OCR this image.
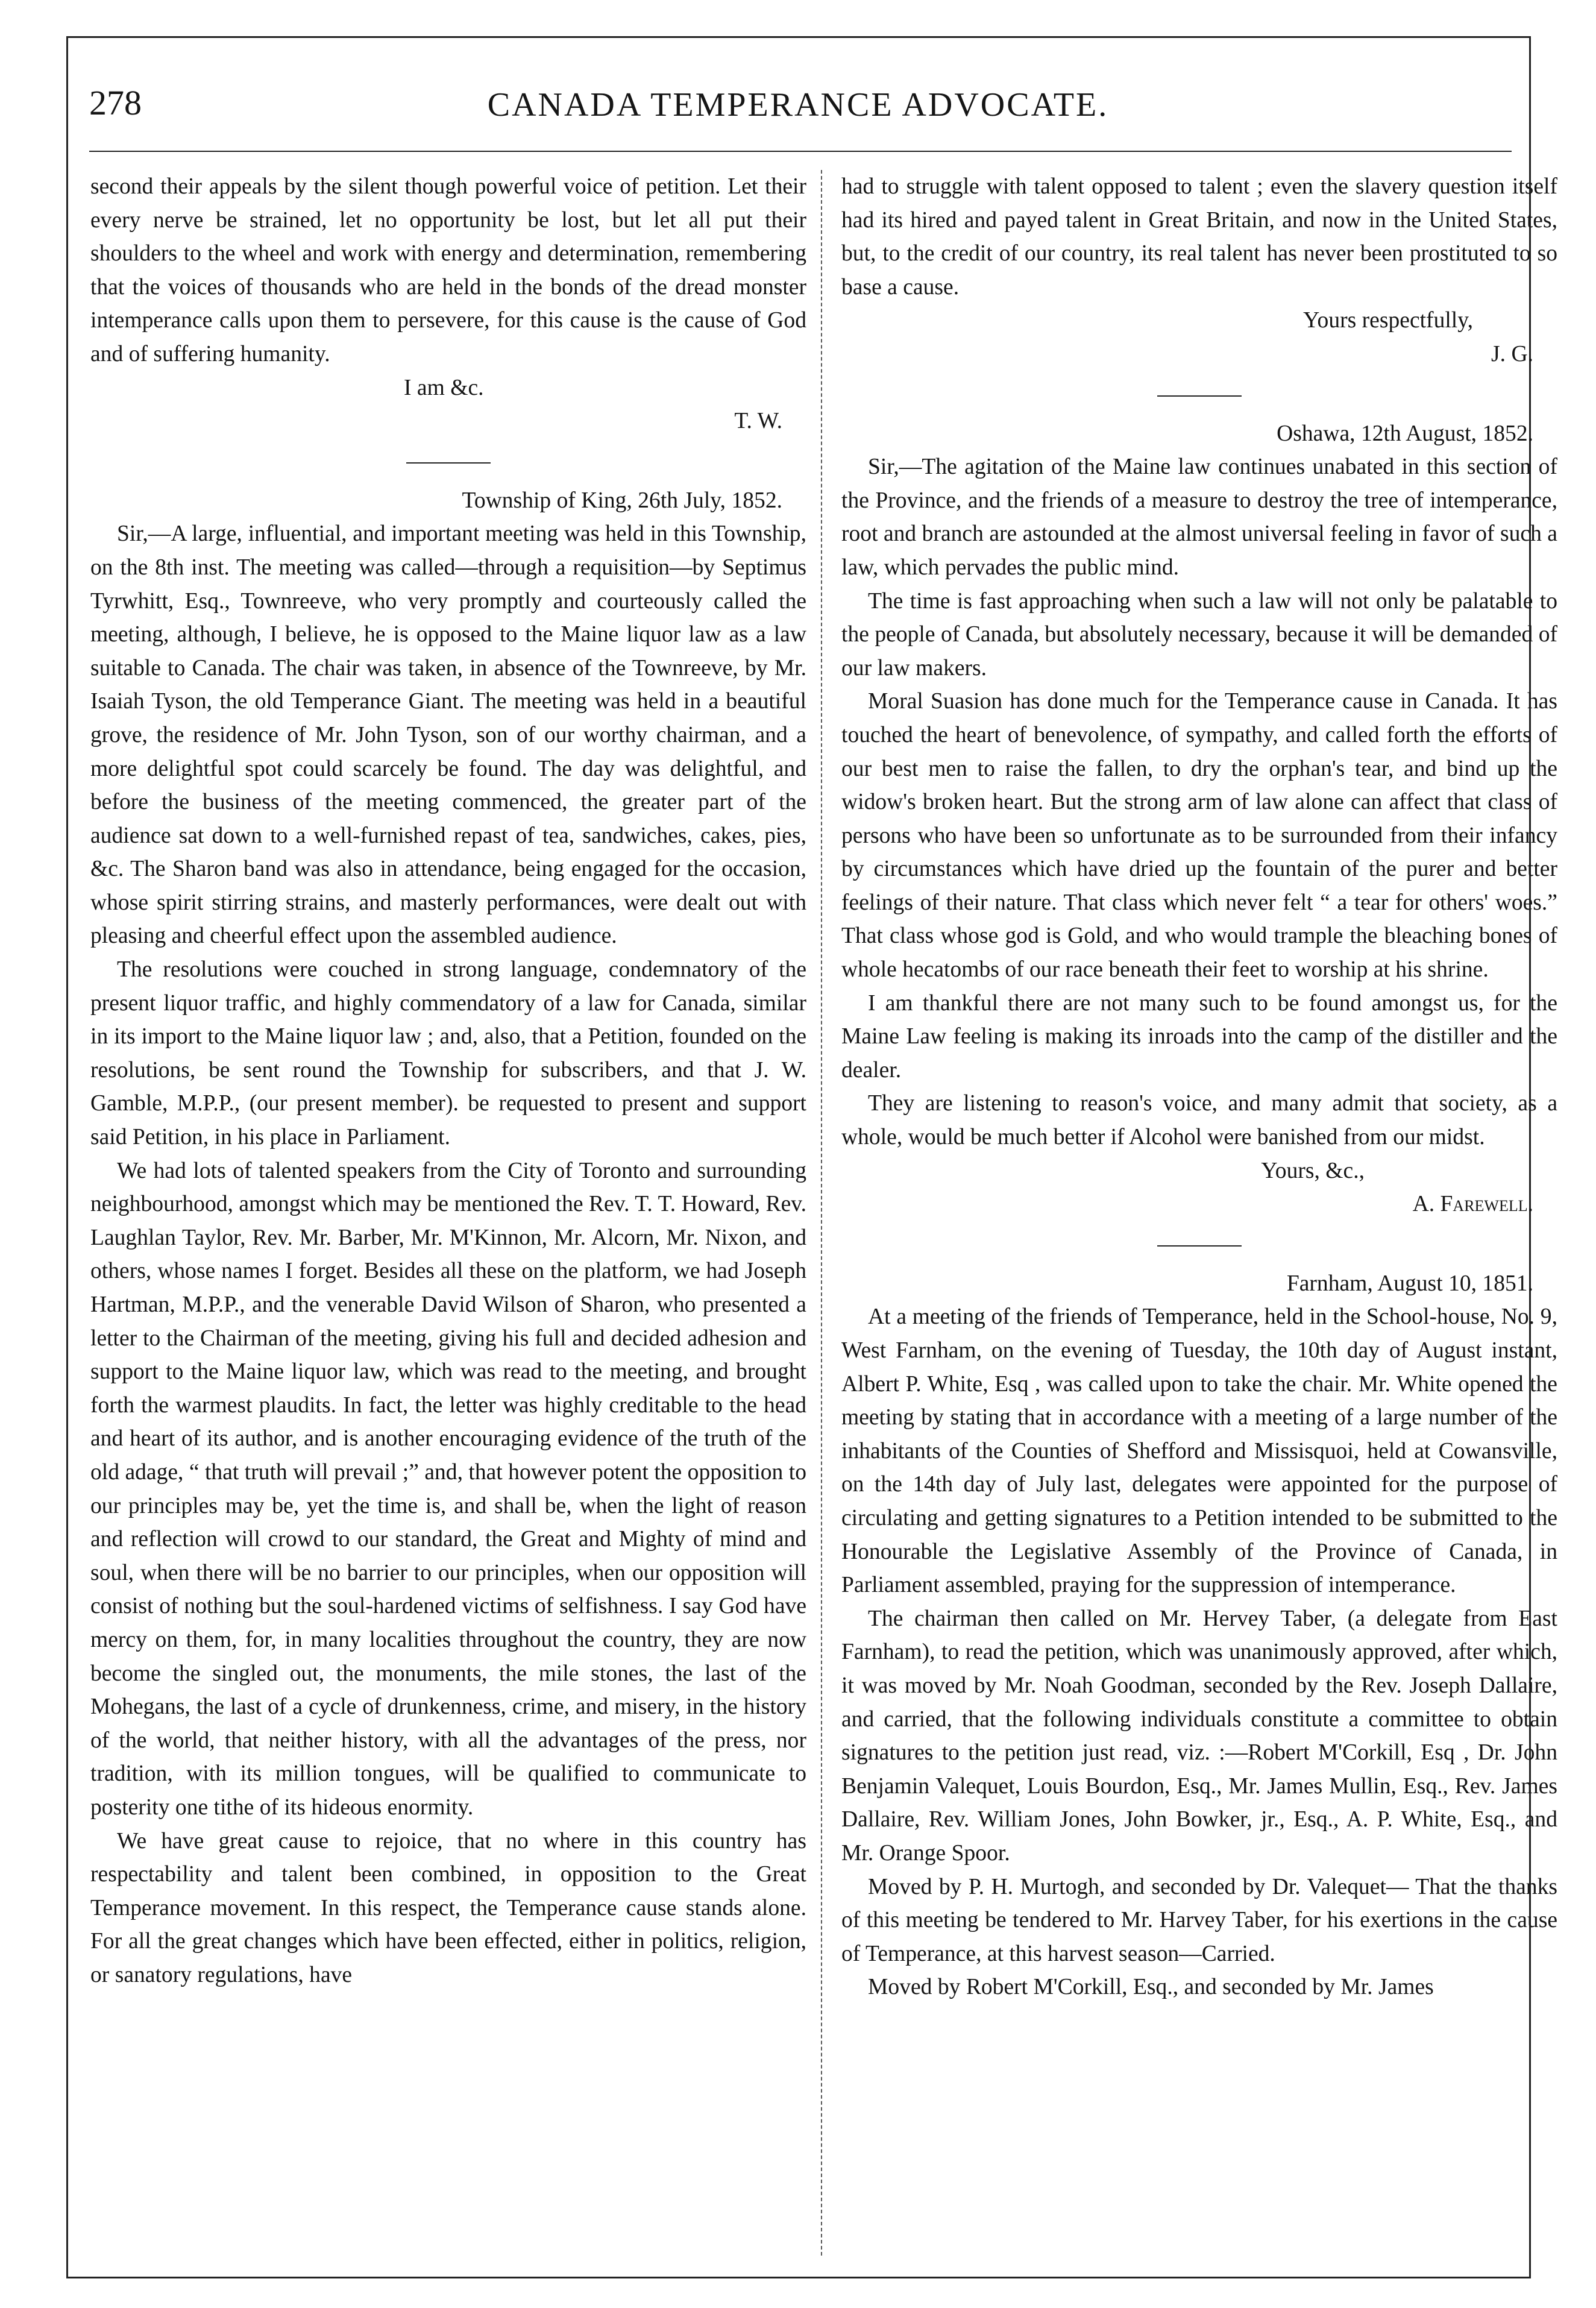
278	CANADA TEMPERANCE ADVOCATE.

second their appeals by the silent though powerful voice of petition. Let their every nerve be strained, let no opportunity be lost, but let all put their shoulders to the wheel and work with energy and determination, remembering that the voices of thousands who are held in the bonds of the dread monster intemperance calls upon them to persevere, for this cause is the cause of God and of suffering humanity.

I am &c.

T. W.

Township of King, 26th July, 1852.

Sir,—A large, influential, and important meeting was held in this Township, on the 8th inst. The meeting was called—through a requisition—by Septimus Tyrwhitt, Esq., Townreeve, who very promptly and courteously called the meeting, although, I believe, he is opposed to the Maine liquor law as a law suitable to Canada. The chair was taken, in absence of the Townreeve, by Mr. Isaiah Tyson, the old Temperance Giant. The meeting was held in a beautiful grove, the residence of Mr. John Tyson, son of our worthy chairman, and a more delightful spot could scarcely be found. The day was delightful, and before the business of the meeting commenced, the greater part of the audience sat down to a well-furnished repast of tea, sandwiches, cakes, pies, &c. The Sharon band was also in attendance, being engaged for the occasion, whose spirit stirring strains, and masterly performances, were dealt out with pleasing and cheerful effect upon the assembled audience.

The resolutions were couched in strong language, condemnatory of the present liquor traffic, and highly commendatory of a law for Canada, similar in its import to the Maine liquor law ; and, also, that a Petition, founded on the resolutions, be sent round the Township for subscribers, and that J. W. Gamble, M.P.P., (our present member). be requested to present and support said Petition, in his place in Parliament.

We had lots of talented speakers from the City of Toronto and surrounding neighbourhood, amongst which may be mentioned the Rev. T. T. Howard, Rev. Laughlan Taylor, Rev. Mr. Barber, Mr. M'Kinnon, Mr. Alcorn, Mr. Nixon, and others, whose names I forget. Besides all these on the platform, we had Joseph Hartman, M.P.P., and the venerable David Wilson of Sharon, who presented a letter to the Chairman of the meeting, giving his full and decided adhesion and support to the Maine liquor law, which was read to the meeting, and brought forth the warmest plaudits. In fact, the letter was highly creditable to the head and heart of its author, and is another encouraging evidence of the truth of the old adage, “ that truth will prevail ;” and, that however potent the opposition to our principles may be, yet the time is, and shall be, when the light of reason and reflection will crowd to our standard, the Great and Mighty of mind and soul, when there will be no barrier to our principles, when our opposition will consist of nothing but the soul-hardened victims of selfishness. I say God have mercy on them, for, in many localities throughout the country, they are now become the singled out, the monuments, the mile stones, the last of the Mohegans, the last of a cycle of drunkenness, crime, and misery, in the history of the world, that neither history, with all the advantages of the press, nor tradition, with its million tongues, will be qualified to communicate to posterity one tithe of its hideous enormity.

We have great cause to rejoice, that no where in this country has respectability and talent been combined, in opposition to the Great Temperance movement. In this respect, the Temperance cause stands alone. For all the great changes which have been effected, either in politics, religion, or sanatory regulations, have

had to struggle with talent opposed to talent ; even the slavery question itself had its hired and payed talent in Great Britain, and now in the United States, but, to the credit of our country, its real talent has never been prostituted to so base a cause.

Yours respectfully,

J. G.

Oshawa, 12th August, 1852.

Sir,—The agitation of the Maine law continues unabated in this section of the Province, and the friends of a measure to destroy the tree of intemperance, root and branch are astounded at the almost universal feeling in favor of such a law, which pervades the public mind.

The time is fast approaching when such a law will not only be palatable to the people of Canada, but absolutely necessary, because it will be demanded of our law makers.

Moral Suasion has done much for the Temperance cause in Canada. It has touched the heart of benevolence, of sympathy, and called forth the efforts of our best men to raise the fallen, to dry the orphan's tear, and bind up the widow's broken heart. But the strong arm of law alone can affect that class of persons who have been so unfortunate as to be surrounded from their infancy by circumstances which have dried up the fountain of the purer and better feelings of their nature. That class which never felt “ a tear for others' woes.” That class whose god is Gold, and who would trample the bleaching bones of whole hecatombs of our race beneath their feet to worship at his shrine.

I am thankful there are not many such to be found amongst us, for the Maine Law feeling is making its inroads into the camp of the distiller and the dealer.

They are listening to reason's voice, and many admit that society, as a whole, would be much better if Alcohol were banished from our midst.

Yours, &c.,

A. Farewell.

Farnham, August 10, 1851.

At a meeting of the friends of Temperance, held in the School-house, No. 9, West Farnham, on the evening of Tuesday, the 10th day of August instant, Albert P. White, Esq , was called upon to take the chair. Mr. White opened the meeting by stating that in accordance with a meeting of a large number of the inhabitants of the Counties of Shefford and Missisquoi, held at Cowansville, on the 14th day of July last, delegates were appointed for the purpose of circulating and getting signatures to a Petition intended to be submitted to the Honourable the Legislative Assembly of the Province of Canada, in Parliament assembled, praying for the suppression of intemperance.

The chairman then called on Mr. Hervey Taber, (a delegate from East Farnham), to read the petition, which was unanimously approved, after which, it was moved by Mr. Noah Goodman, seconded by the Rev. Joseph Dallaire, and carried, that the following individuals constitute a committee to obtain signatures to the petition just read, viz. :—Robert M'Corkill, Esq , Dr. John Benjamin Valequet, Louis Bourdon, Esq., Mr. James Mullin, Esq., Rev. James Dallaire, Rev. William Jones, John Bowker, jr., Esq., A. P. White, Esq., and Mr. Orange Spoor.

Moved by P. H. Murtogh, and seconded by Dr. Valequet— That the thanks of this meeting be tendered to Mr. Harvey Taber, for his exertions in the cause of Temperance, at this harvest season—Carried.

Moved by Robert M'Corkill, Esq., and seconded by Mr. James
